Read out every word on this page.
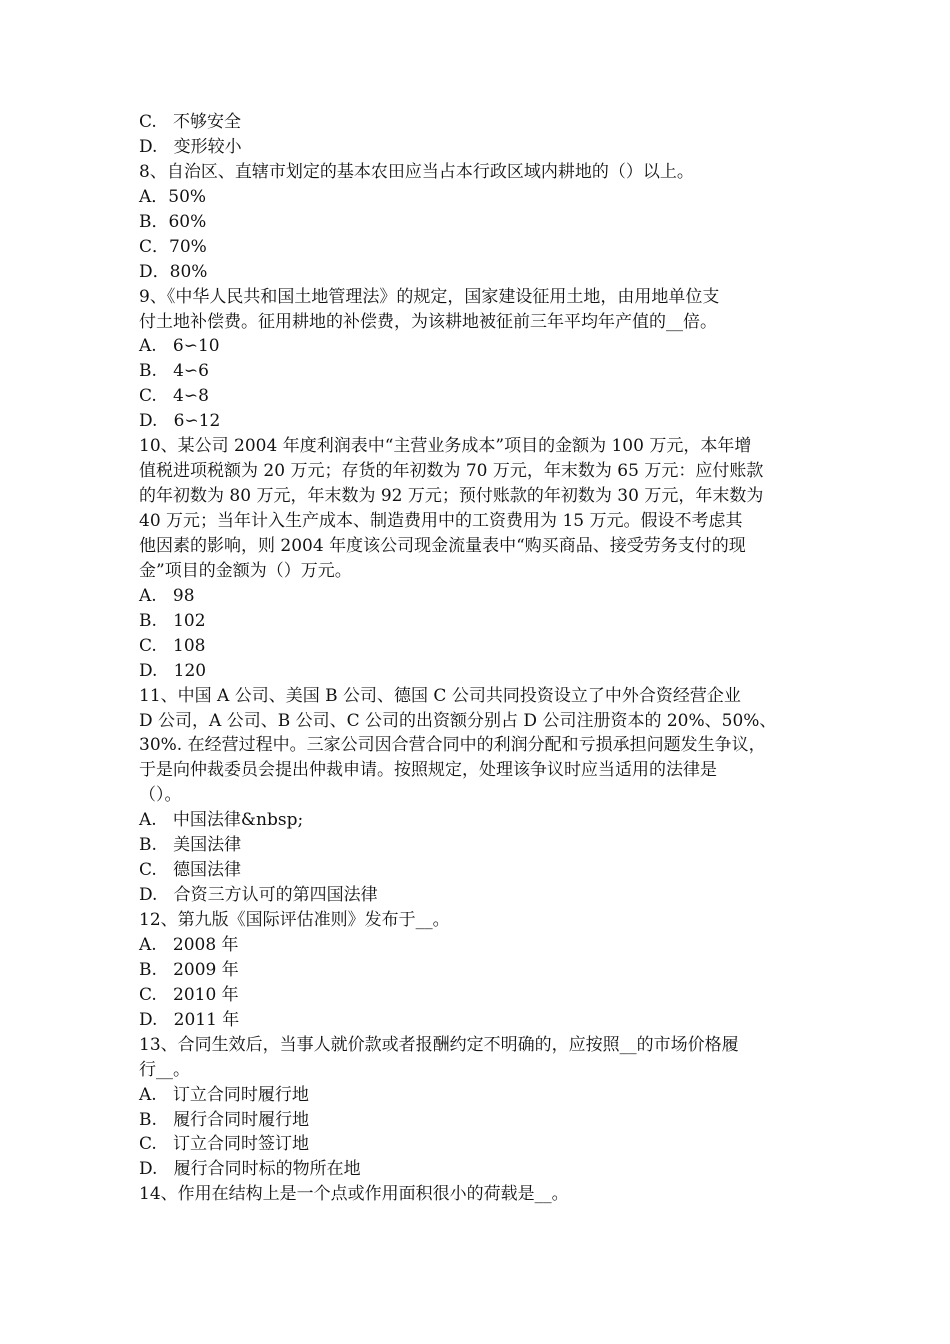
C.   不够安全
D.   变形较小
8、自治区、直辖市划定的基本农田应当占本行政区域内耕地的（）以上。
A．50%
B．60%
C．70%
D．80%
9、《中华人民共和国土地管理法》的规定，国家建设征用土地，由用地单位支
付土地补偿费。征用耕地的补偿费，为该耕地被征前三年平均年产值的__倍。
A.   6∽10
B.   4∽6
C.   4∽8
D.   6∽12
10、某公司 2004 年度利润表中“主营业务成本”项目的金额为 100 万元，本年增
值税进项税额为 20 万元；存货的年初数为 70 万元，年末数为 65 万元：应付账款
的年初数为 80 万元，年末数为 92 万元；预付账款的年初数为 30 万元，年末数为
40 万元；当年计入生产成本、制造费用中的工资费用为 15 万元。假设不考虑其
他因素的影响，则 2004 年度该公司现金流量表中“购买商品、接受劳务支付的现
金”项目的金额为（）万元。
A.   98
B.   102
C.   108
D.   120
11、中国 A 公司、美国 B 公司、德国 C 公司共同投资设立了中外合资经营企业
D 公司，A 公司、B 公司、C 公司的出资额分别占 D 公司注册资本的 20%、50%、
30%. 在经营过程中。三家公司因合营合同中的利润分配和亏损承担问题发生争议，
于是向仲裁委员会提出仲裁申请。按照规定，处理该争议时应当适用的法律是
（）。
A.   中国法律&nbsp;
B.   美国法律
C.   德国法律
D.   合资三方认可的第四国法律
12、第九版《国际评估准则》发布于__。
A.   2008 年
B.   2009 年
C.   2010 年
D.   2011 年
13、合同生效后，当事人就价款或者报酬约定不明确的，应按照__的市场价格履
行__。
A.   订立合同时履行地
B.   履行合同时履行地
C.   订立合同时签订地
D.   履行合同时标的物所在地
14、作用在结构上是一个点或作用面积很小的荷载是__。
